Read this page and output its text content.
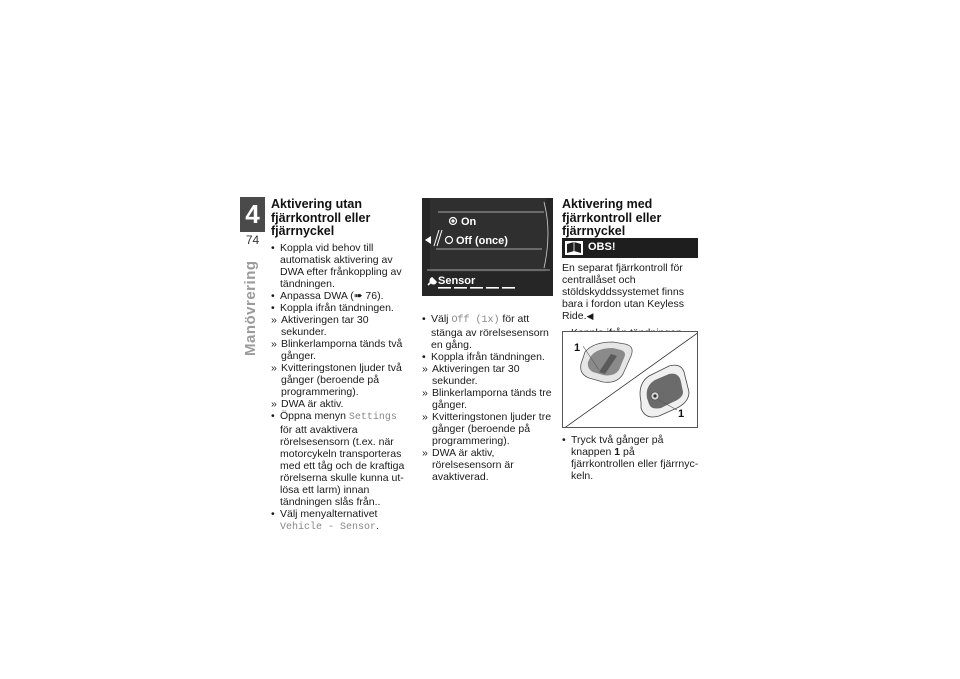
4
74
Manövrering
Aktivering utan fjärrkontroll eller fjärrnyckel

• Koppla vid behov till automatisk aktivering av DWA efter frånkoppling av tändningen.

• Anpassa DWA (➠ 76).

• Koppla ifrån tändningen.

» Aktiveringen tar 30 sekunder.

» Blinkerlamporna tänds två gånger.

» Kvitteringstonen ljuder två gånger (beroende på programmering).

» DWA är aktiv.

• Öppna menyn Settings för att avaktivera rörelsesensorn (t.ex. när motorcykeln transporteras med ett tåg och de kraftiga rörelserna skulle kunna utlösa ett larm) innan tändningen slås från..

• Välj menyalternativet Vehicle - Sensor.

On
Off (once)
Sensor

• Välj Off (1x) för att stänga av rörelsesensorn en gång.

• Koppla ifrån tändningen.

» Aktiveringen tar 30 sekunder.

» Blinkerlamporna tänds tre gånger.

» Kvitteringstonen ljuder tre gånger (beroende på programmering).

» DWA är aktiv, rörelsesensorn är avaktiverad.

Aktivering med fjärrkontroll eller fjärrnyckel
OBS!

En separat fjärrkontroll för centrallåset och stöldskyddssystemet finns bara i fordon utan Keyless Ride.◀

1
1

• Tryck två gånger på knappen 1 på fjärrkontrollen eller fjärrnyckeln.
